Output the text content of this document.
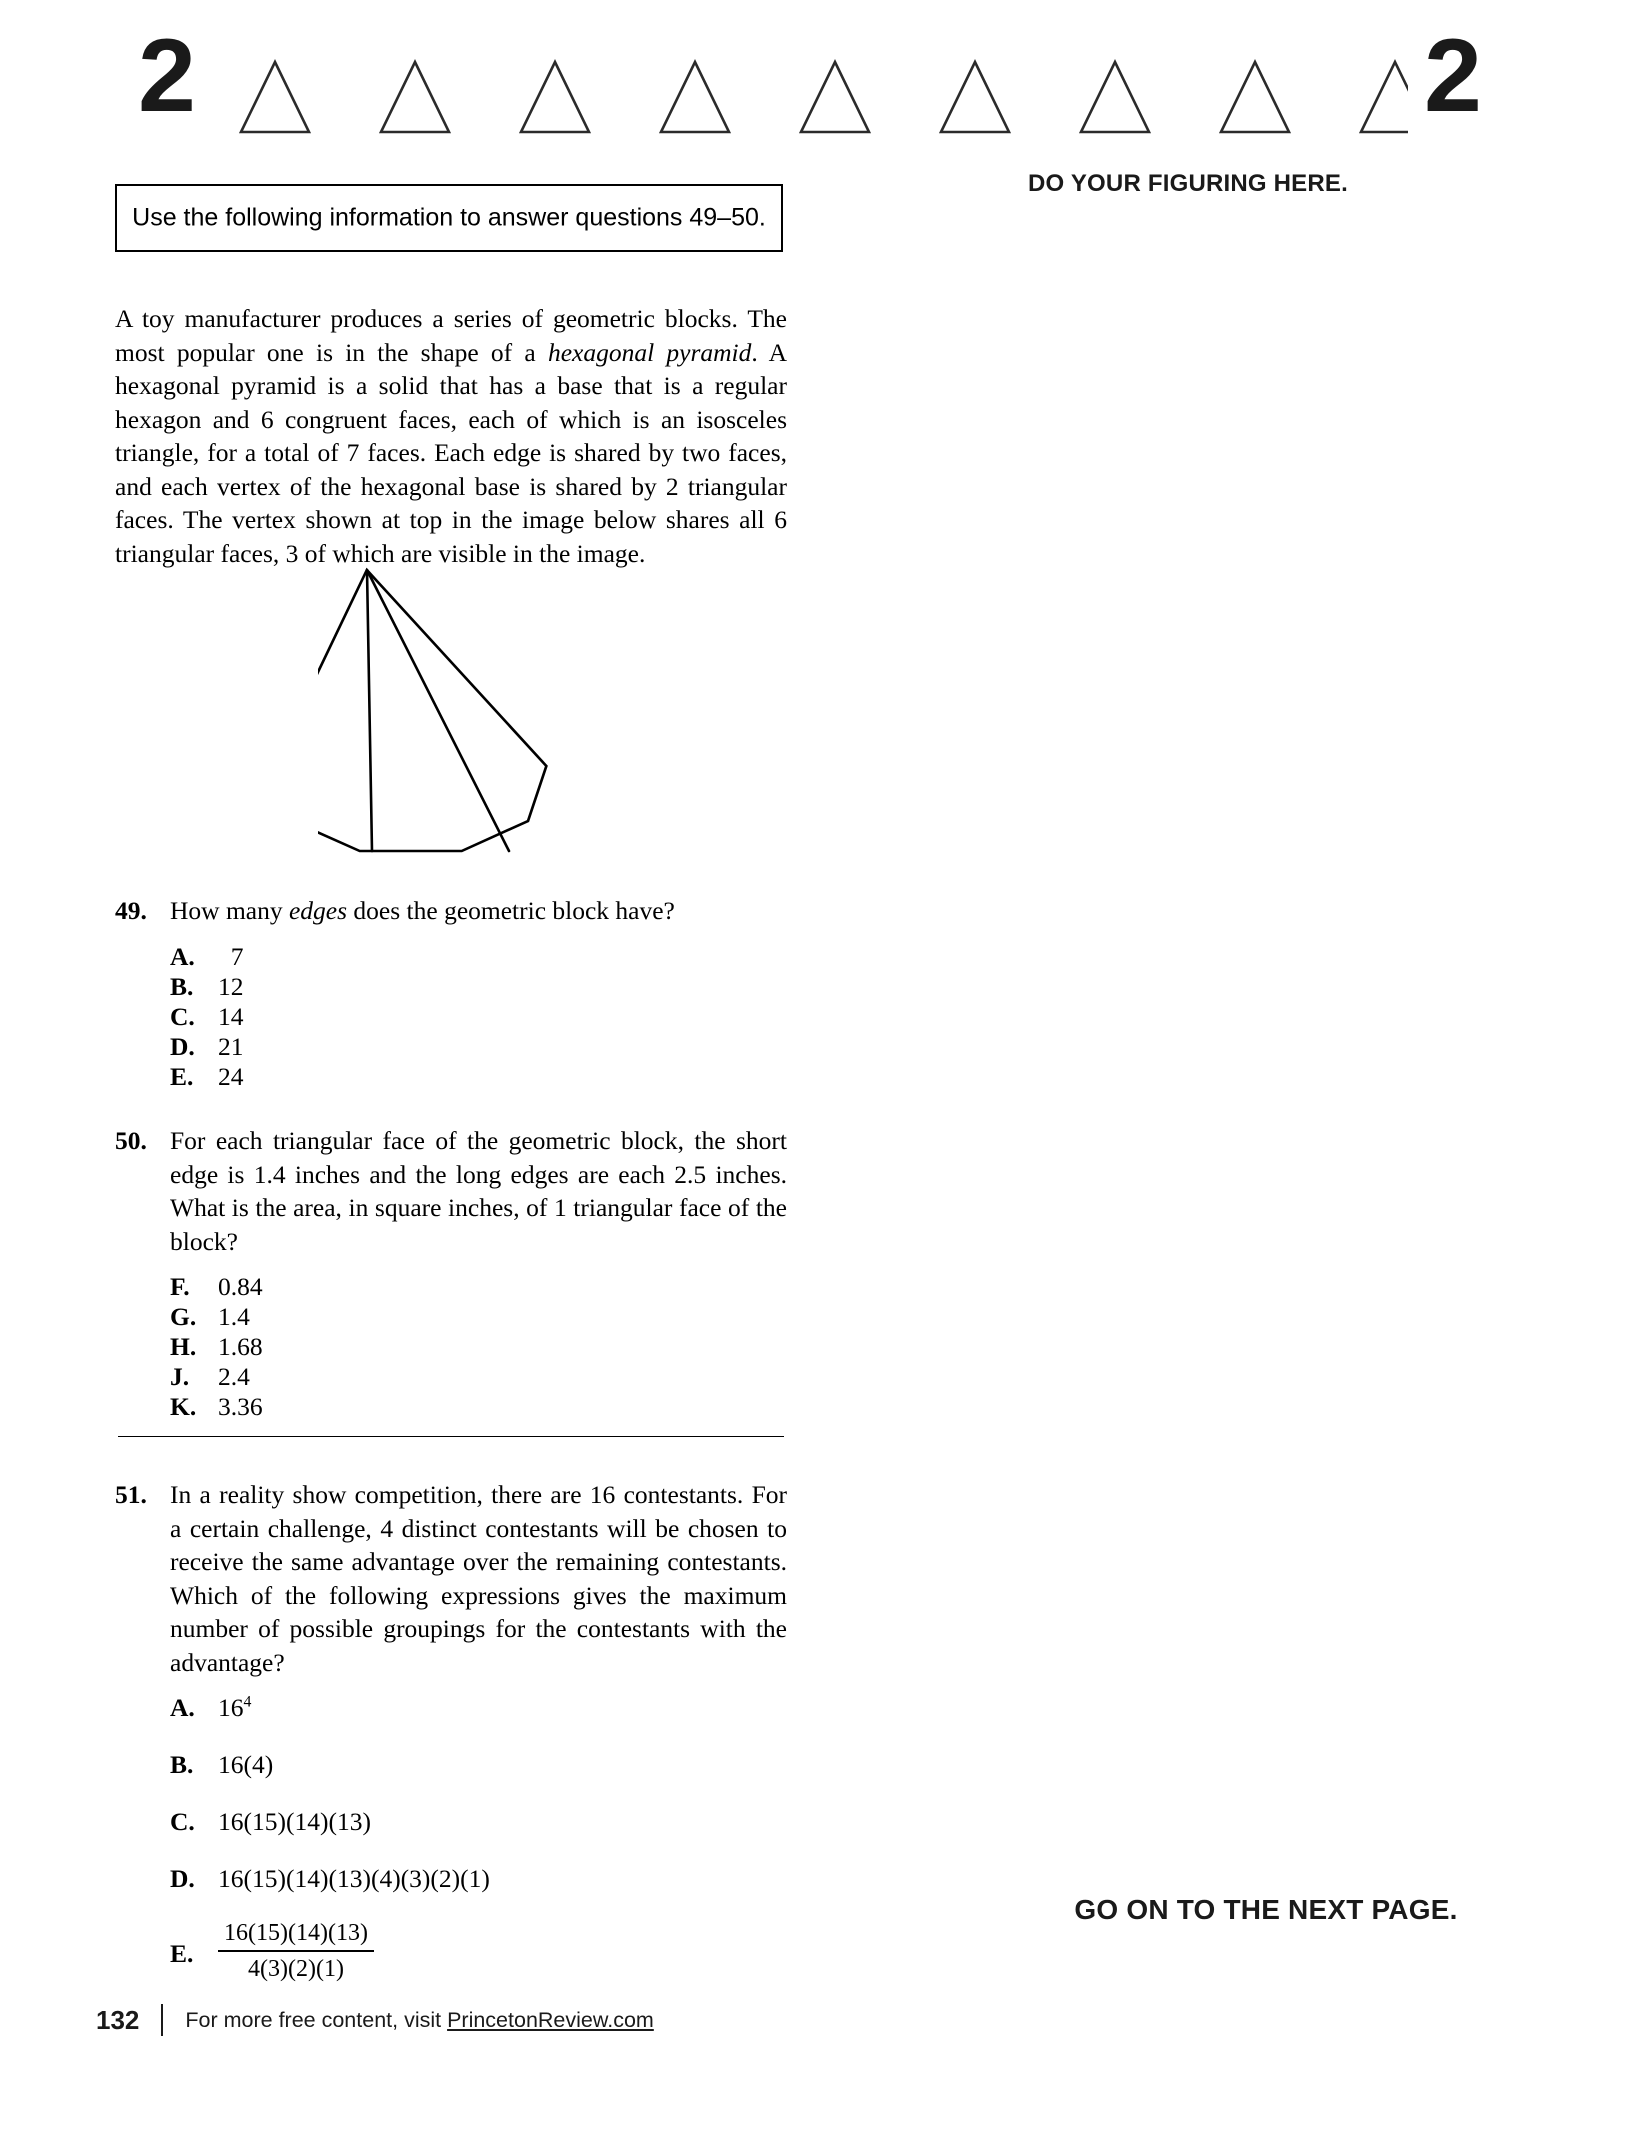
2	2
DO YOUR FIGURING HERE.
Use the following information to answer questions 49–50.
A toy manufacturer produces a series of geometric blocks. The most popular one is in the shape of a hexagonal pyramid. A hexagonal pyramid is a solid that has a base that is a regular hexagon and 6 congruent faces, each of which is an isosceles triangle, for a total of 7 faces. Each edge is shared by two faces, and each vertex of the hexagonal base is shared by 2 triangular faces. The vertex shown at top in the image below shares all 6 triangular faces, 3 of which are visible in the image.
49. How many edges does the geometric block have?
A. 7
B. 12
C. 14
D. 21
E. 24
50. For each triangular face of the geometric block, the short edge is 1.4 inches and the long edges are each 2.5 inches. What is the area, in square inches, of 1 triangular face of the block?
F.	0.84
G. 1.4
H. 1.68
J.	2.4
K. 3.36
51. In a reality show competition, there are 16 contestants. For a certain challenge, 4 distinct contestants will be chosen to receive the same advantage over the remaining contestants. Which of the following expressions gives the maximum number of possible groupings for the contestants with the advantage?
A. $16^4$
B. 16(4)
C. 16(15)(14)(13)
D. 16(15)(14)(13)(4)(3)(2)(1)
E.	$\frac{16(15)(14)(13)}{4(3)(2)(1)}$
GO ON TO THE NEXT PAGE.
132 For more free content, visit PrincetonReview.com
